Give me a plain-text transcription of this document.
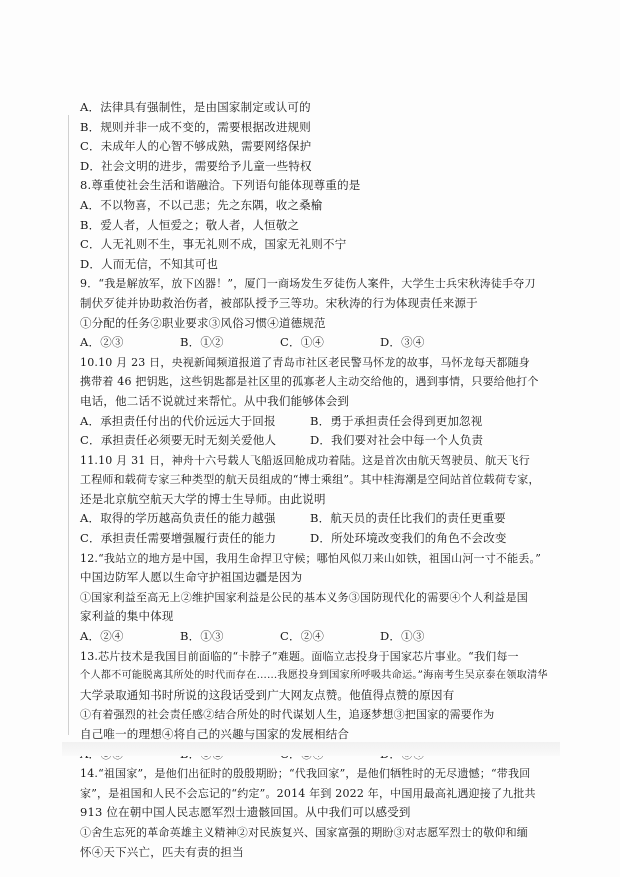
A．法律具有强制性，是由国家制定或认可的
B．规则并非一成不变的，需要根据改进规则
C．未成年人的心智不够成熟，需要网络保护
D．社会文明的进步，需要给予儿童一些特权
8.尊重使社会生活和谐融洽。下列语句能体现尊重的是
A．不以物喜，不以己悲；先之东隅，收之桑榆
B．爱人者，人恒爱之；敬人者，人恒敬之
C．人无礼则不生，事无礼则不成，国家无礼则不宁
D．人而无信，不知其可也
9．“我是解放军，放下凶器！”，厦门一商场发生歹徒伤人案件，大学生士兵宋秋涛徒手夺刀
制伏歹徒并协助救治伤者，被部队授予三等功。宋秋涛的行为体现责任来源于
①分配的任务②职业要求③风俗习惯④道德规范
A．②③	B．①②	C．①④	D．③④
10.10 月 23 日，央视新闻频道报道了青岛市社区老民警马怀龙的故事，马怀龙每天都随身
携带着 46 把钥匙，这些钥匙都是社区里的孤寡老人主动交给他的，遇到事情，只要给他打个
电话，他二话不说就过来帮忙。从中我们能够体会到
A．承担责任付出的代价远远大于回报	B．勇于承担责任会得到更加忽视
C．承担责任必须要无时无刻关爱他人	D．我们要对社会中每一个人负责
11.10 月 31 日，神舟十六号载人飞船返回舱成功着陆。这是首次由航天驾驶员、航天飞行
工程师和载荷专家三种类型的航天员组成的“博士乘组”。其中桂海潮是空间站首位载荷专家，
还是北京航空航天大学的博士生导师。由此说明
A．取得的学历越高负责任的能力越强	B．航天员的责任比我们的责任更重要
C．承担责任需要增强履行责任的能力	D．所处环境改变我们的角色不会改变
12.“我站立的地方是中国，我用生命捍卫守候；哪怕风似刀来山如铁，祖国山河一寸不能丢。”
中国边防军人愿以生命守护祖国边疆是因为
①国家利益至高无上②维护国家利益是公民的基本义务③国防现代化的需要④个人利益是国
家利益的集中体现
A．②④	B．①③	C．②④	D．①③
13.芯片技术是我国目前面临的“卡脖子”难题。面临立志投身于国家芯片事业。“我们每一
个人都不可能脱离其所处的时代而存在……我愿投身到国家所呼吸共命运。”海南考生吴京泰在领取清华
大学录取通知书时所说的这段话受到广大网友点赞。他值得点赞的原因有
①有着强烈的社会责任感②结合所处的时代谋划人生，追逐梦想③把国家的需要作为
自己唯一的理想④将自己的兴趣与国家的发展相结合
14.“祖国家”，是他们出征时的殷殷期盼；“代我回家”，是他们牺牲时的无尽遗憾；“带我回
家”，是祖国和人民不会忘记的“约定”。2014 年到 2022 年，中国用最高礼遇迎接了九批共
913 位在朝中国人民志愿军烈士遗骸回国。从中我们可以感受到
①舍生忘死的革命英雄主义精神②对民族复兴、国家富强的期盼③对志愿军烈士的敬仰和缅
怀④天下兴亡，匹夫有责的担当
